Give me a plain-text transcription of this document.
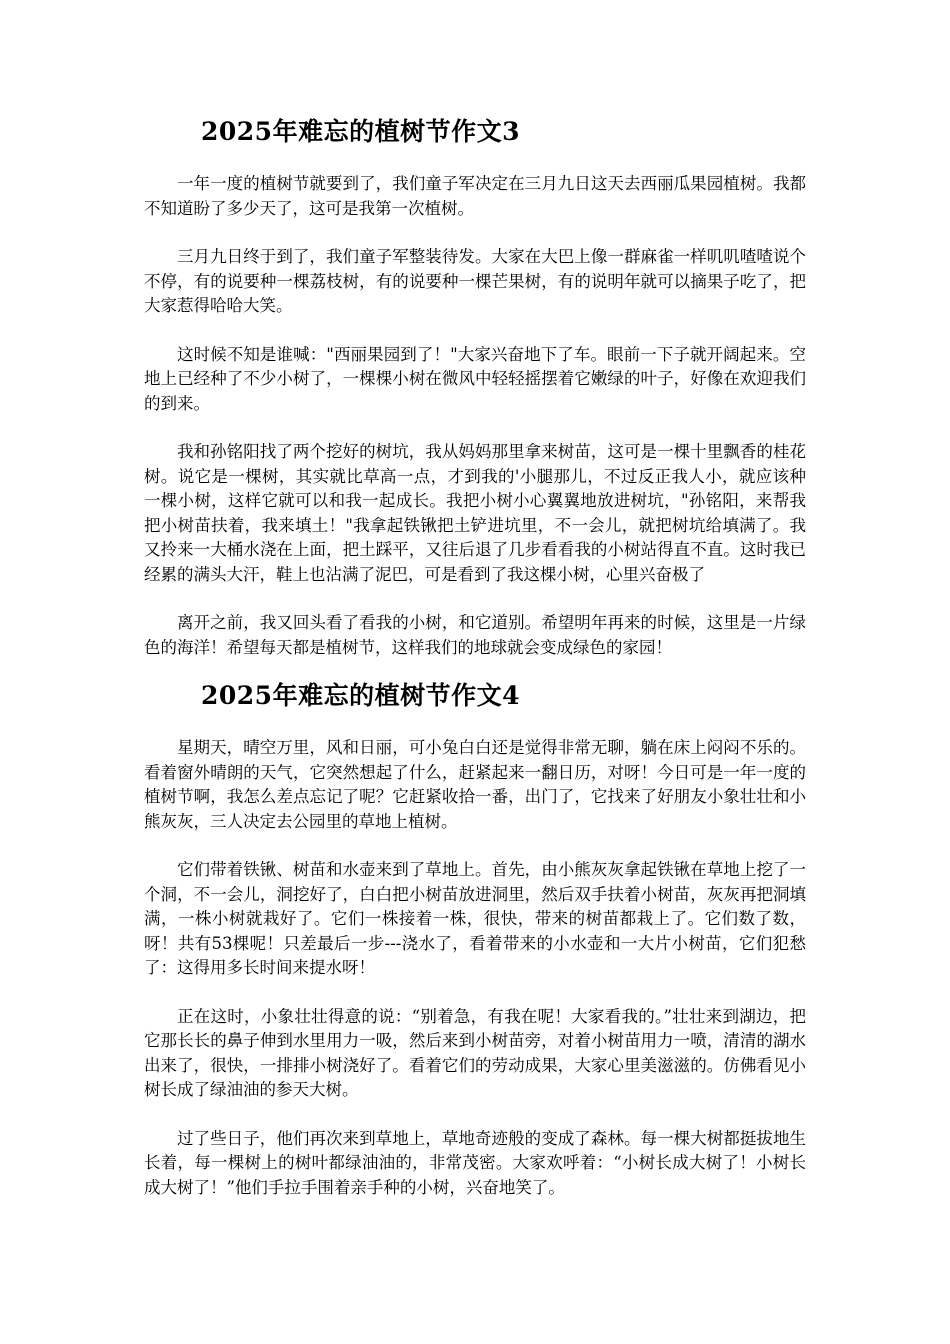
2025年难忘的植树节作文3

一年一度的植树节就要到了，我们童子军决定在三月九日这天去西丽瓜果园植树。我都不知道盼了多少天了，这可是我第一次植树。

三月九日终于到了，我们童子军整装待发。大家在大巴上像一群麻雀一样叽叽喳喳说个不停，有的说要种一棵荔枝树，有的说要种一棵芒果树，有的说明年就可以摘果子吃了，把大家惹得哈哈大笑。

这时候不知是谁喊："西丽果园到了！"大家兴奋地下了车。眼前一下子就开阔起来。空地上已经种了不少小树了，一棵棵小树在微风中轻轻摇摆着它嫩绿的叶子，好像在欢迎我们的到来。

我和孙铭阳找了两个挖好的树坑，我从妈妈那里拿来树苗，这可是一棵十里飘香的桂花树。说它是一棵树，其实就比草高一点，才到我的'小腿那儿，不过反正我人小，就应该种一棵小树，这样它就可以和我一起成长。我把小树小心翼翼地放进树坑，"孙铭阳，来帮我把小树苗扶着，我来填土！"我拿起铁锹把土铲进坑里，不一会儿，就把树坑给填满了。我又拎来一大桶水浇在上面，把土踩平，又往后退了几步看看我的小树站得直不直。这时我已经累的满头大汗，鞋上也沾满了泥巴，可是看到了我这棵小树，心里兴奋极了

离开之前，我又回头看了看我的小树，和它道别。希望明年再来的时候，这里是一片绿色的海洋！希望每天都是植树节，这样我们的地球就会变成绿色的家园！

2025年难忘的植树节作文4

星期天，晴空万里，风和日丽，可小兔白白还是觉得非常无聊，躺在床上闷闷不乐的。看着窗外晴朗的天气，它突然想起了什么，赶紧起来一翻日历，对呀！今日可是一年一度的植树节啊，我怎么差点忘记了呢？它赶紧收拾一番，出门了，它找来了好朋友小象壮壮和小熊灰灰，三人决定去公园里的草地上植树。

它们带着铁锹、树苗和水壶来到了草地上。首先，由小熊灰灰拿起铁锹在草地上挖了一个洞，不一会儿，洞挖好了，白白把小树苗放进洞里，然后双手扶着小树苗，灰灰再把洞填满，一株小树就栽好了。它们一株接着一株，很快，带来的树苗都栽上了。它们数了数，呀！共有53棵呢！只差最后一步---浇水了，看着带来的小水壶和一大片小树苗，它们犯愁了：这得用多长时间来提水呀！

正在这时，小象壮壮得意的说：“别着急，有我在呢！大家看我的。”壮壮来到湖边，把它那长长的鼻子伸到水里用力一吸，然后来到小树苗旁，对着小树苗用力一喷，清清的湖水出来了，很快，一排排小树浇好了。看着它们的劳动成果，大家心里美滋滋的。仿佛看见小树长成了绿油油的参天大树。

过了些日子，他们再次来到草地上，草地奇迹般的变成了森林。每一棵大树都挺拔地生长着，每一棵树上的树叶都绿油油的，非常茂密。大家欢呼着：“小树长成大树了！小树长成大树了！”他们手拉手围着亲手种的小树，兴奋地笑了。
